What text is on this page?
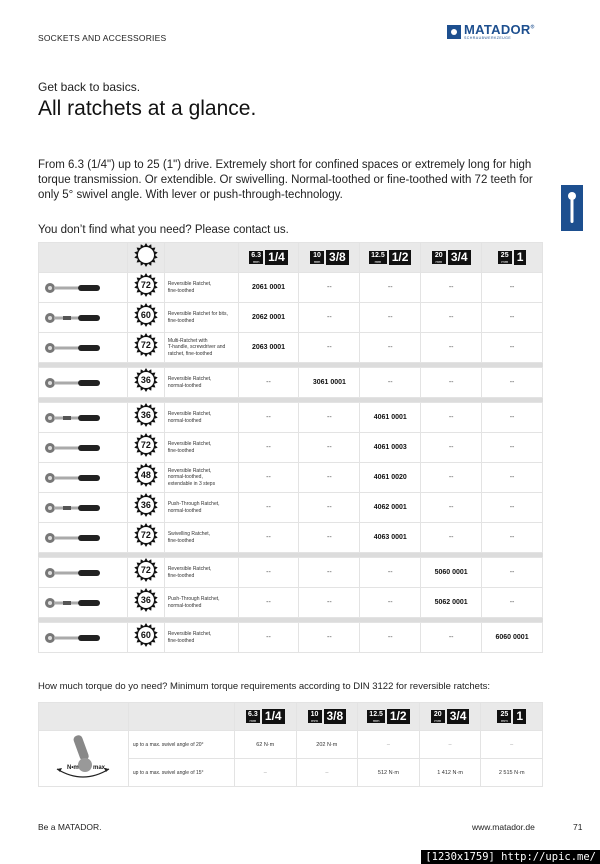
SOCKETS AND ACCESSORIES
MATADOR®
SCHRAUBWERKZEUGE
Get back to basics.
All ratchets at a glance.

From 6.3 (1/4") up to 25 (1") drive. Extremely short for confined spaces or extremely long for high torque transmission. Or extendible. Or swivelling. Normal-toothed or fine-toothed with 72 teeth for only 5° swivel angle. With lever or push-through-technology.

You don’t find what you need? Please contact us.

6.3
mm 1/4	10
mm 3/8	12.5
mm 1/2	20
mm 3/4	25
mm 1

72	Reversible Ratchet,
fine-toothed	2061 0001	--	--	--	--

60	Reversible Ratchet for bits,
fine-toothed	2062 0001	--	--	--	--

72	Multi-Ratchet with
T-handle, screwdriver and
ratchet, fine-toothed	2063 0001	--	--	--	--

36	Reversible Ratchet,
normal-toothed	--	3061 0001	--	--	--

36	Reversible Ratchet,
normal-toothed	--	--	4061 0001	--	--

72	Reversible Ratchet,
fine-toothed	--	--	4061 0003	--	--

48	Reversible Ratchet,
normal-toothed,
extendable in 3 steps	--	--	4061 0020	--	--

36	Push-Through Ratchet,
normal-toothed	--	--	4062 0001	--	--

72	Swivelling Ratchet,
fine-toothed	--	--	4063 0001	--	--

72	Reversible Ratchet,
fine-toothed	--	--	--	5060 0001	--

36	Push-Through Ratchet,
normal-toothed	--	--	--	5062 0001	--

60	Reversible Ratchet,
fine-toothed	--	--	--	--	6060 0001
How much torque do yo need? Minimum torque requirements according to DIN 3122 for reversible ratchets:

		6.3
mm 1/4	10
mm 3/8	12.5
mm 1/2	20
mm 3/4	25
mm 1

N•m max.	up to a max. swivel angle of 20°	62 N·m	202 N·m	–	–	–
	up to a max. swivel angle of 15°	–	–	512 N·m	1 412 N·m	2 515 N·m
Be a MATADOR.	www.matador.de	71
[1230x1759] http://upic.me/
